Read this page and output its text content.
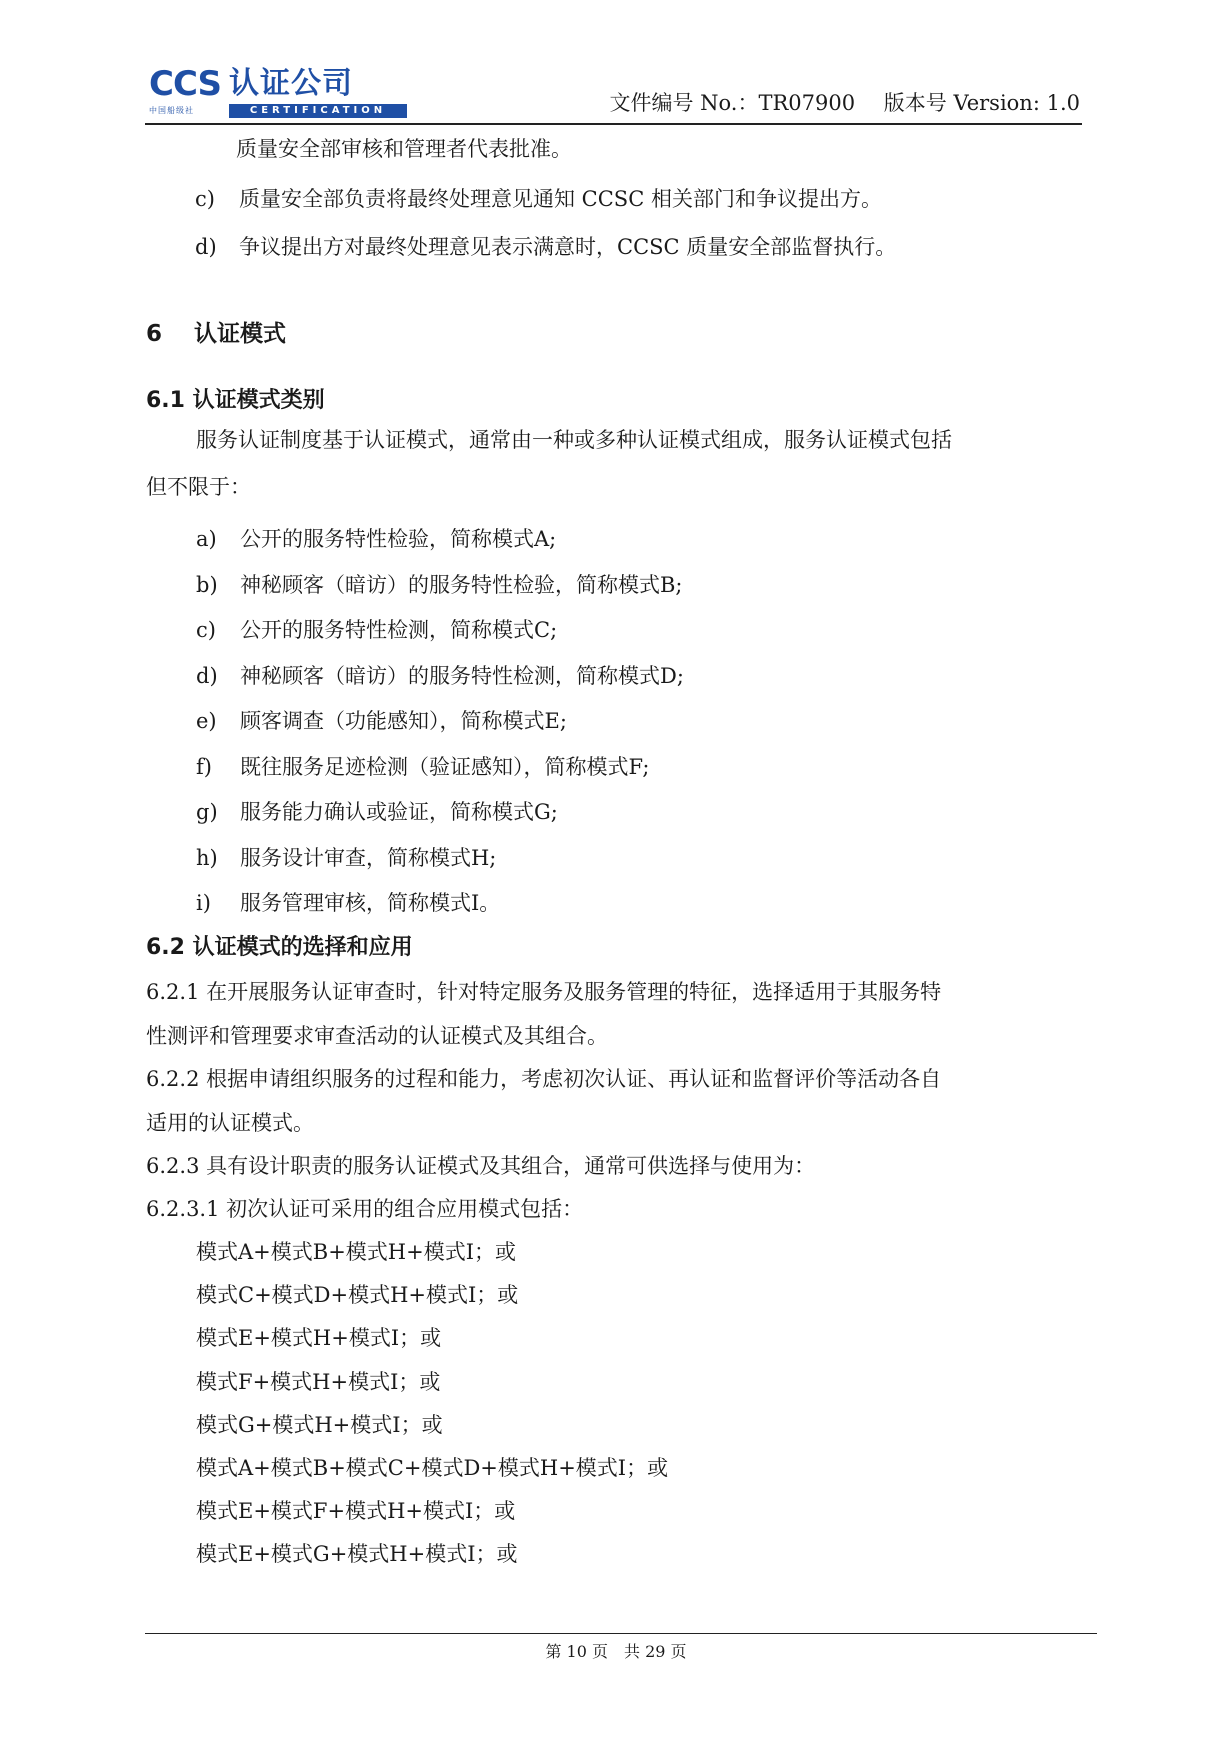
CCS 认证公司
中国船级社	CERTIFICATION	文件编号 No.：TR07900 版本号 Version: 1.0
质量安全部审核和管理者代表批准。
c) 质量安全部负责将最终处理意见通知 CCSC 相关部门和争议提出方。
d) 争议提出方对最终处理意见表示满意时，CCSC 质量安全部监督执行。
6 认证模式
6.1 认证模式类别
服务认证制度基于认证模式，通常由一种或多种认证模式组成，服务认证模式包括
但不限于：
a) 公开的服务特性检验，简称模式A;
b) 神秘顾客（暗访）的服务特性检验，简称模式B;
c) 公开的服务特性检测，简称模式C;
d) 神秘顾客（暗访）的服务特性检测，简称模式D;
e) 顾客调查（功能感知），简称模式E;
f) 既往服务足迹检测（验证感知），简称模式F;
g) 服务能力确认或验证，简称模式G;
h) 服务设计审查，简称模式H;
i) 服务管理审核，简称模式I。
6.2 认证模式的选择和应用
6.2.1 在开展服务认证审查时，针对特定服务及服务管理的特征，选择适用于其服务特
性测评和管理要求审查活动的认证模式及其组合。
6.2.2 根据申请组织服务的过程和能力，考虑初次认证、再认证和监督评价等活动各自
适用的认证模式。
6.2.3 具有设计职责的服务认证模式及其组合，通常可供选择与使用为：
6.2.3.1 初次认证可采用的组合应用模式包括：
模式A+模式B+模式H+模式I；或
模式C+模式D+模式H+模式I；或
模式E+模式H+模式I；或
模式F+模式H+模式I；或
模式G+模式H+模式I；或
模式A+模式B+模式C+模式D+模式H+模式I；或
模式E+模式F+模式H+模式I；或
模式E+模式G+模式H+模式I；或
第 10 页 共 29 页
